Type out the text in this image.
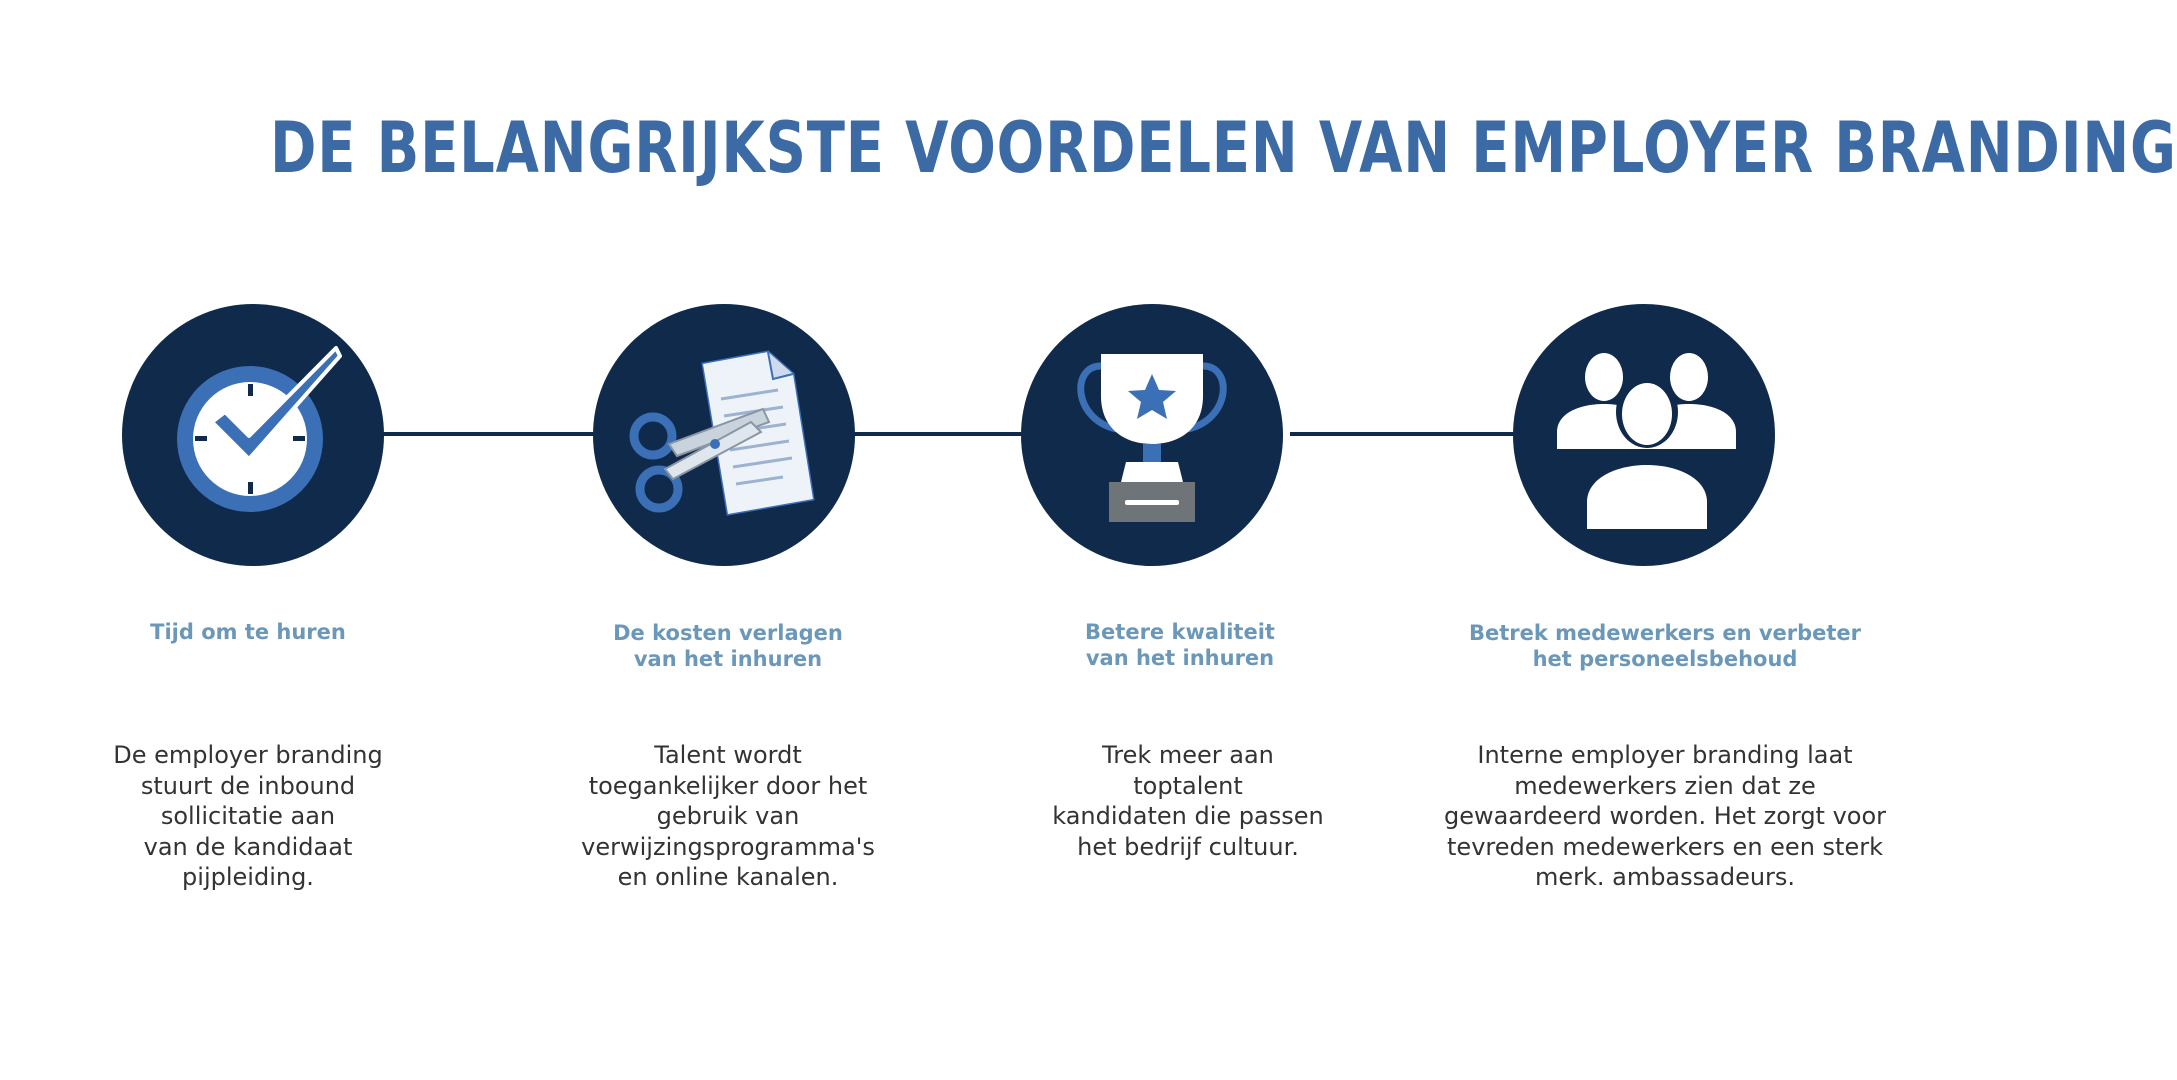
DE BELANGRIJKSTE VOORDELEN VAN EMPLOYER BRANDING
Tijd om te huren	De kosten verlagen
van het inhuren
Betere kwaliteit
van het inhuren
Betrek medewerkers en verbeter
het personeelsbehoud
De employer branding
stuurt de inbound
sollicitatie aan
van de kandidaat
pijpleiding.
Talent wordt
toegankelijker door het
gebruik van
verwijzingsprogramma's
en online kanalen.
Trek meer aan
toptalent
kandidaten die passen
het bedrijf cultuur.
Interne employer branding laat
medewerkers zien dat ze
gewaardeerd worden. Het zorgt voor
tevreden medewerkers en een sterk
merk. ambassadeurs.
